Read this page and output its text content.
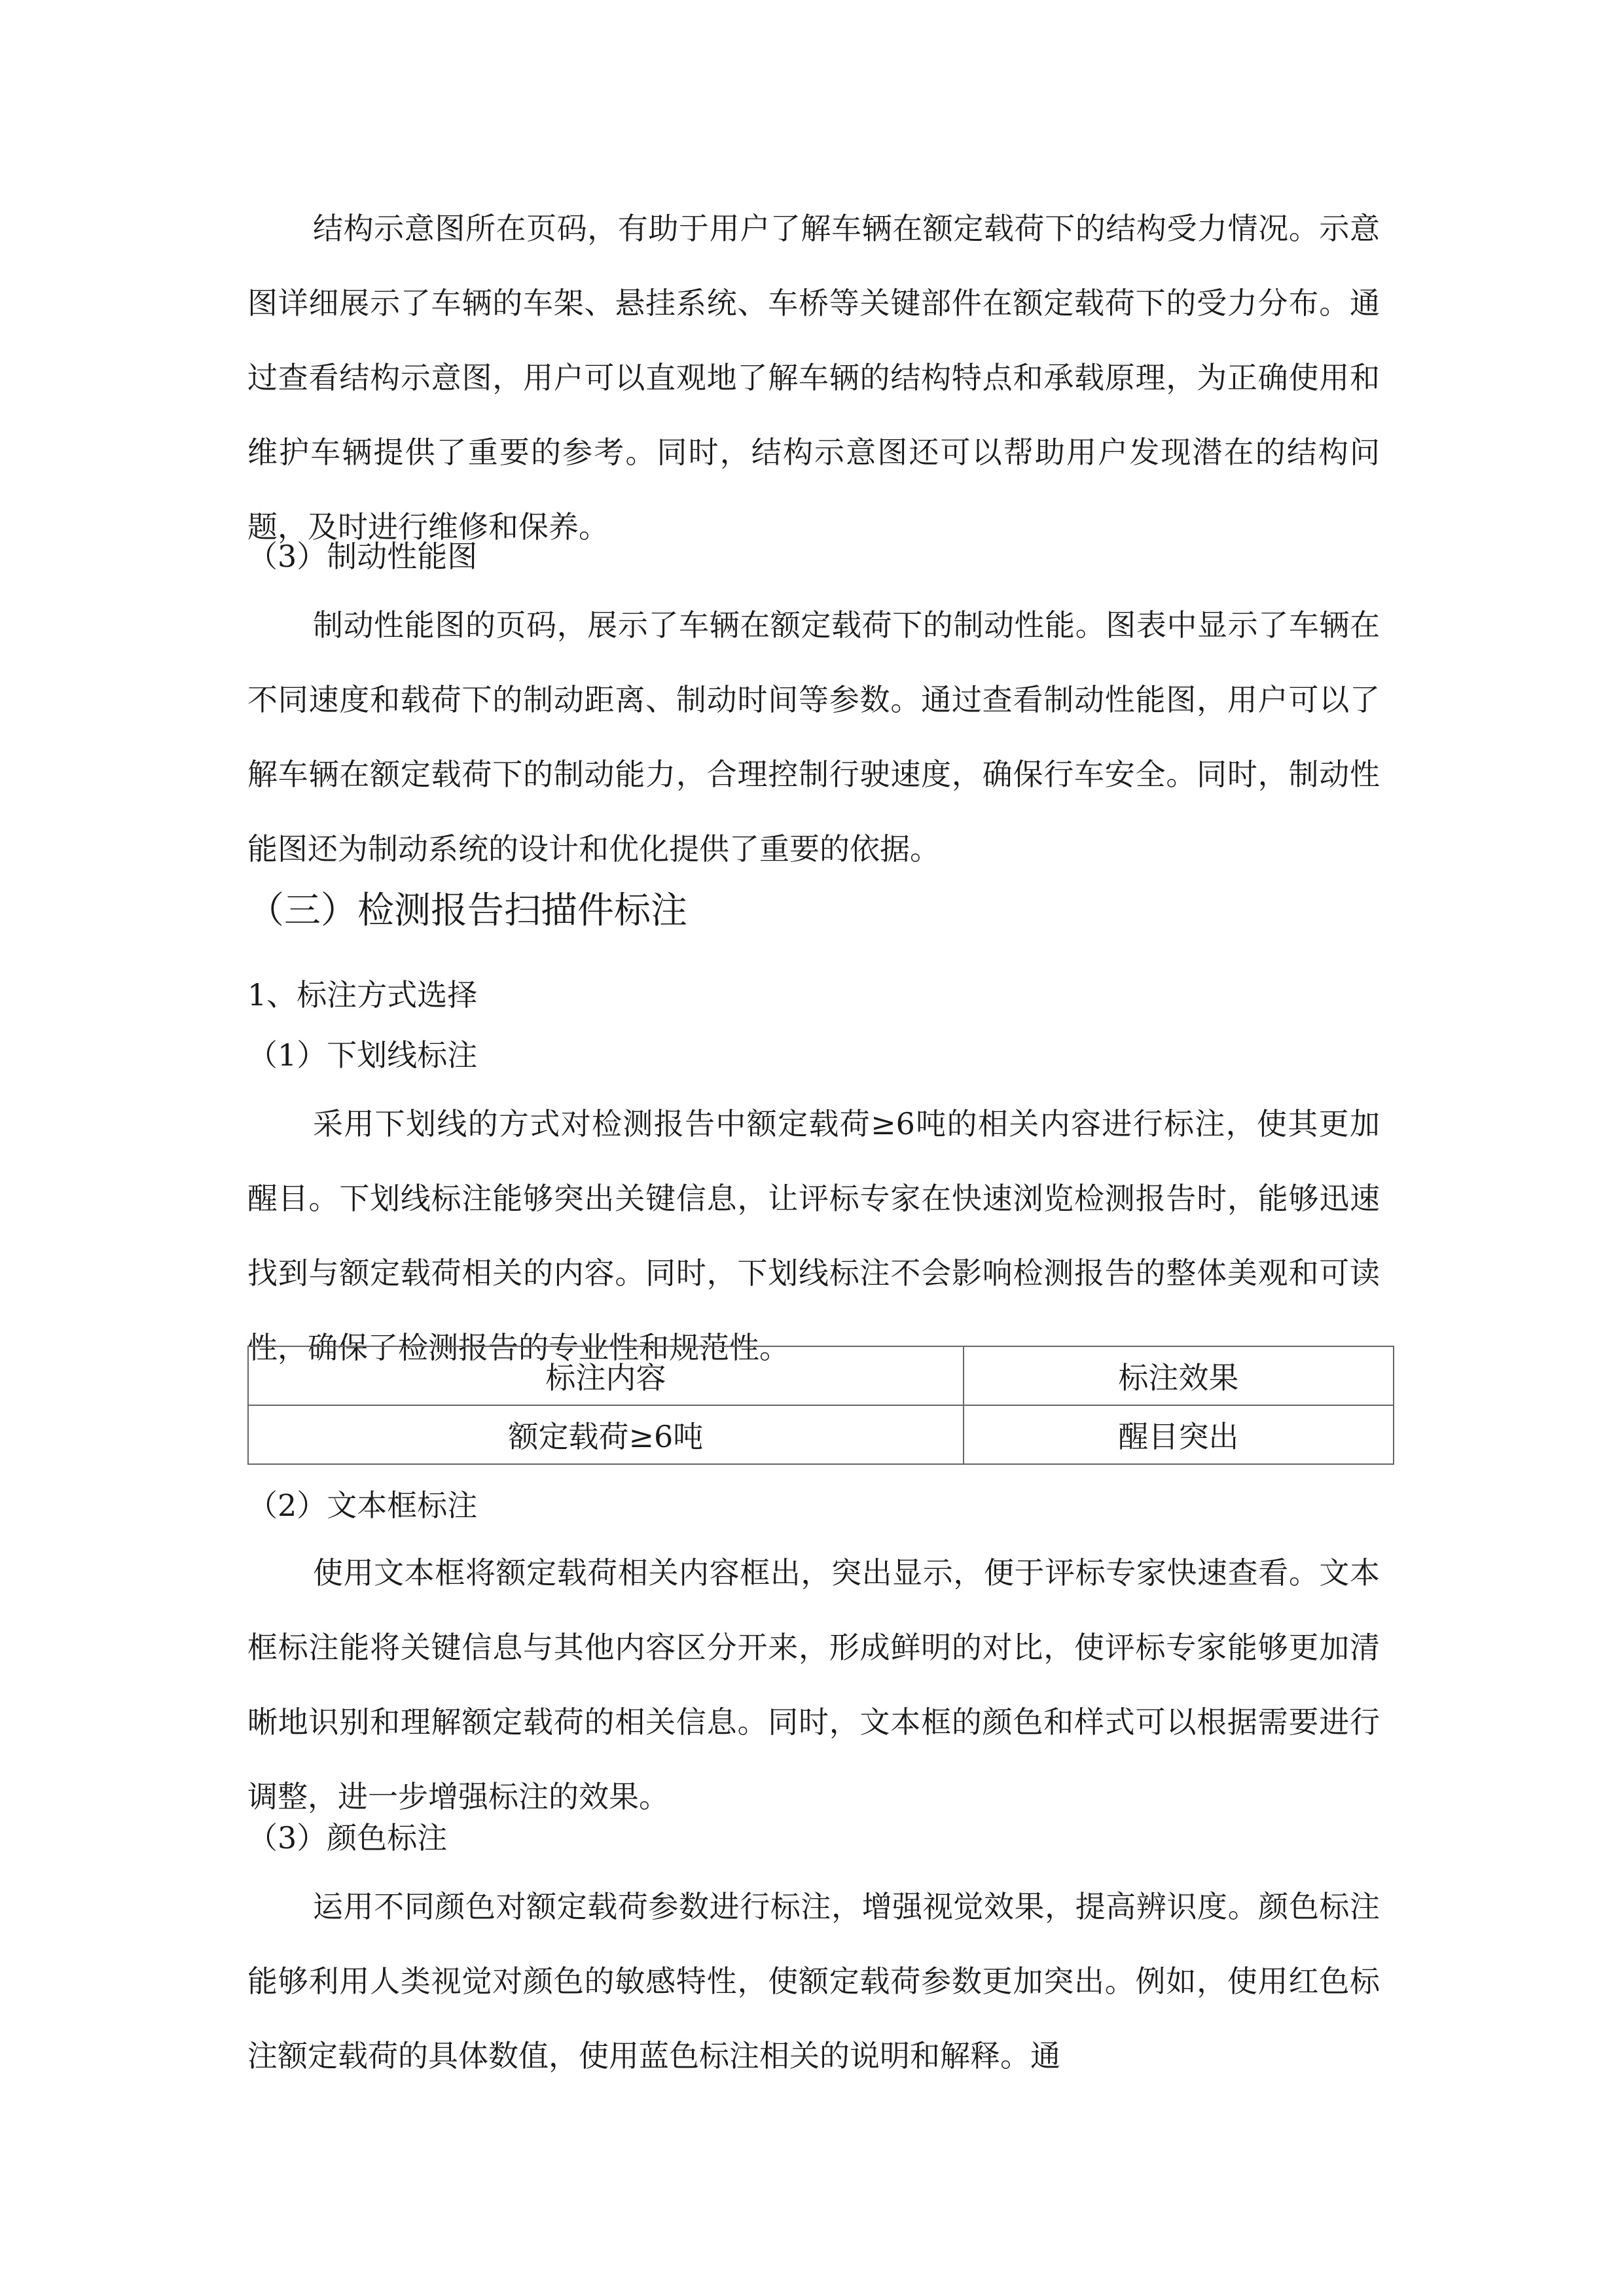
结构示意图所在页码，有助于用户了解车辆在额定载荷下的结构受力情况。示意图详细展示了车辆的车架、悬挂系统、车桥等关键部件在额定载荷下的受力分布。通过查看结构示意图，用户可以直观地了解车辆的结构特点和承载原理，为正确使用和维护车辆提供了重要的参考。同时，结构示意图还可以帮助用户发现潜在的结构问题，及时进行维修和保养。

（3）制动性能图

制动性能图的页码，展示了车辆在额定载荷下的制动性能。图表中显示了车辆在不同速度和载荷下的制动距离、制动时间等参数。通过查看制动性能图，用户可以了解车辆在额定载荷下的制动能力，合理控制行驶速度，确保行车安全。同时，制动性能图还为制动系统的设计和优化提供了重要的依据。

（三）检测报告扫描件标注

1、标注方式选择

（1）下划线标注

采用下划线的方式对检测报告中额定载荷≥6吨的相关内容进行标注，使其更加醒目。下划线标注能够突出关键信息，让评标专家在快速浏览检测报告时，能够迅速找到与额定载荷相关的内容。同时，下划线标注不会影响检测报告的整体美观和可读性，确保了检测报告的专业性和规范性。

标注内容	标注效果
额定载荷≥6吨	醒目突出

（2）文本框标注

使用文本框将额定载荷相关内容框出，突出显示，便于评标专家快速查看。文本框标注能将关键信息与其他内容区分开来，形成鲜明的对比，使评标专家能够更加清晰地识别和理解额定载荷的相关信息。同时，文本框的颜色和样式可以根据需要进行调整，进一步增强标注的效果。

（3）颜色标注

运用不同颜色对额定载荷参数进行标注，增强视觉效果，提高辨识度。颜色标注能够利用人类视觉对颜色的敏感特性，使额定载荷参数更加突出。例如，使用红色标注额定载荷的具体数值，使用蓝色标注相关的说明和解释。通
